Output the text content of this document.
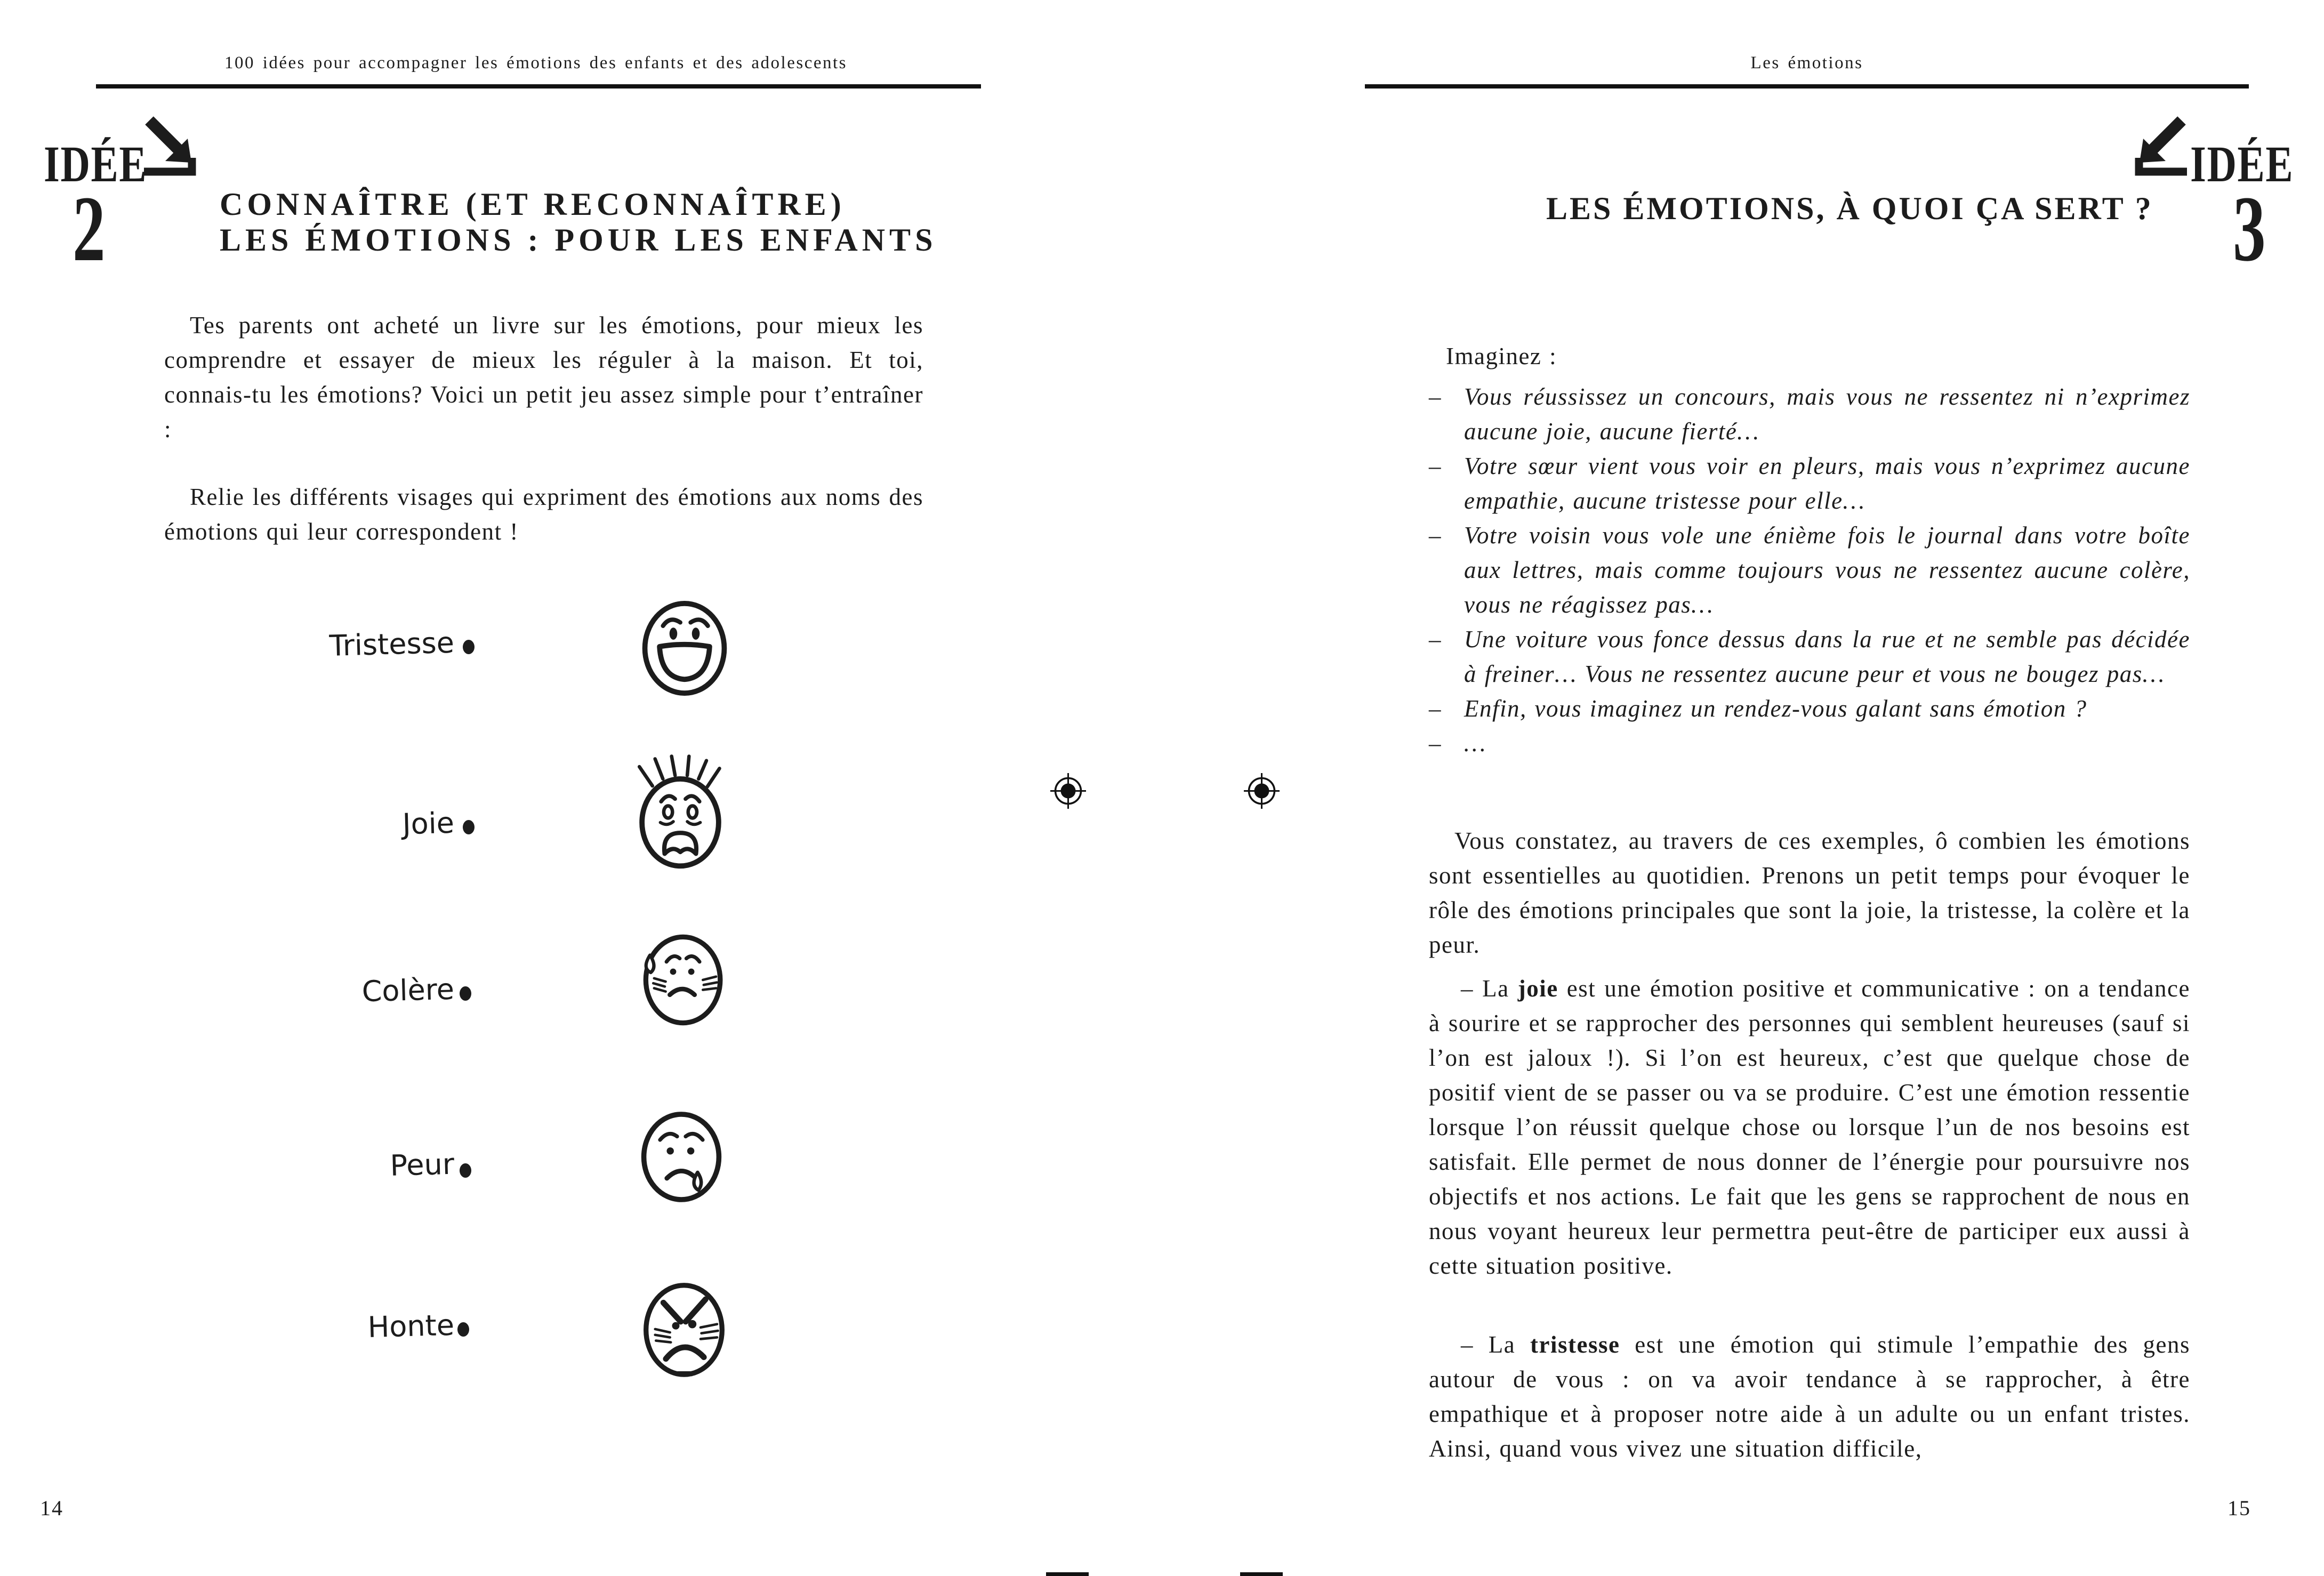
100 idées pour accompagner les émotions des enfants et des adolescents
IDÉE
2	CONNAÎTRE (ET RECONNAÎTRE)
LES ÉMOTIONS : POUR LES ENFANTS
Tes parents ont acheté un livre sur les émotions, pour mieux les comprendre et essayer de mieux les réguler à la maison. Et toi, connais-tu les émotions? Voici un petit jeu assez simple pour t’entraîner :
Relie les différents visages qui expriment des émotions aux noms des émotions qui leur correspondent !
Tristesse
Joie
Colère
Peur
Honte
14
Les émotions
IDÉE
3
LES ÉMOTIONS, À QUOI ÇA SERT ?
Imaginez :
– Vous réussissez un concours, mais vous ne ressentez ni n’exprimez aucune joie, aucune fierté…
– Votre sœur vient vous voir en pleurs, mais vous n’exprimez aucune empathie, aucune tristesse pour elle…
– Votre voisin vous vole une énième fois le journal dans votre boîte aux lettres, mais comme toujours vous ne ressentez aucune colère, vous ne réagissez pas…
– Une voiture vous fonce dessus dans la rue et ne semble pas décidée à freiner… Vous ne ressentez aucune peur et vous ne bougez pas…
– Enfin, vous imaginez un rendez-vous galant sans émotion ?
– …
Vous constatez, au travers de ces exemples, ô combien les émotions sont essentielles au quotidien. Prenons un petit temps pour évoquer le rôle des émotions principales que sont la joie, la tristesse, la colère et la peur.
– La joie est une émotion positive et communicative : on a tendance à sourire et se rapprocher des personnes qui semblent heureuses (sauf si l’on est jaloux !). Si l’on est heureux, c’est que quelque chose de positif vient de se passer ou va se produire. C’est une émotion ressentie lorsque l’on réussit quelque chose ou lorsque l’un de nos besoins est satisfait. Elle permet de nous donner de l’énergie pour poursuivre nos objectifs et nos actions. Le fait que les gens se rapprochent de nous en nous voyant heureux leur permettra peut-être de participer eux aussi à cette situation positive.
– La tristesse est une émotion qui stimule l’empathie des gens autour de vous : on va avoir tendance à se rapprocher, à être empathique et à proposer notre aide à un adulte ou un enfant tristes. Ainsi, quand vous vivez une situation difficile,
15
